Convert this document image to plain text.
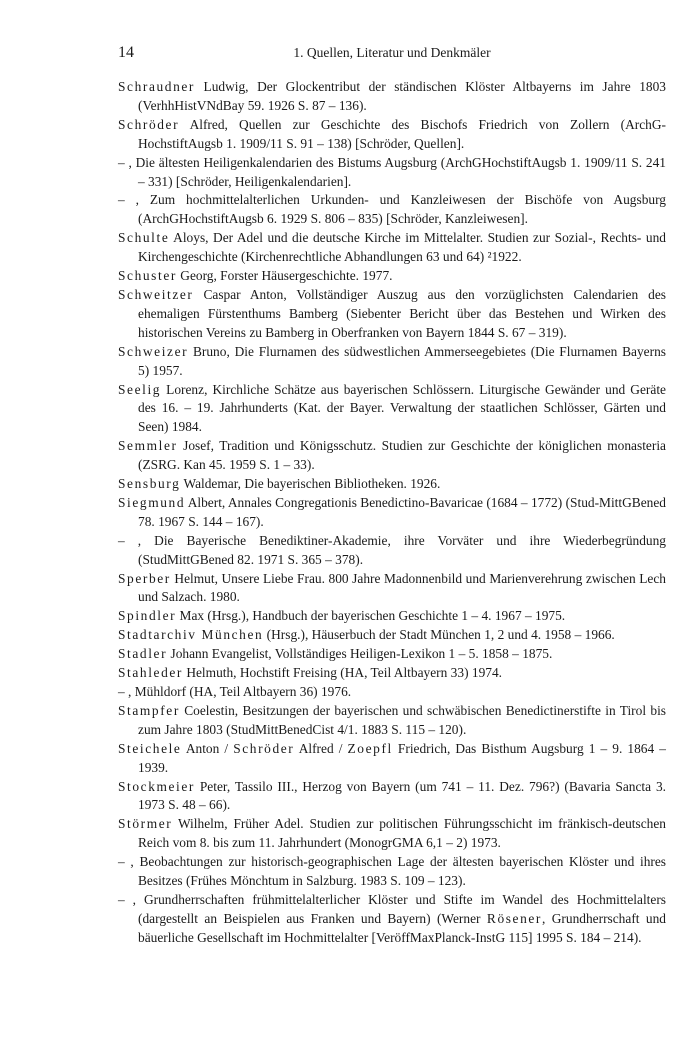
14	1. Quellen, Literatur und Denkmäler

Schraudner Ludwig, Der Glockentribut der ständischen Klöster Altbayerns im Jahre 1803 (VerhhHistVNdBay 59. 1926 S. 87 – 136).

Schröder Alfred, Quellen zur Geschichte des Bischofs Friedrich von Zollern (ArchG-HochstiftAugsb 1. 1909/11 S. 91 – 138) [Schröder, Quellen].

– , Die ältesten Heiligenkalendarien des Bistums Augsburg (ArchGHochstiftAugsb 1. 1909/11 S. 241 – 331) [Schröder, Heiligenkalendarien].

– , Zum hochmittelalterlichen Urkunden- und Kanzleiwesen der Bischöfe von Augsburg (ArchGHochstiftAugsb 6. 1929 S. 806 – 835) [Schröder, Kanzleiwesen].

Schulte Aloys, Der Adel und die deutsche Kirche im Mittelalter. Studien zur Sozial-, Rechts- und Kirchengeschichte (Kirchenrechtliche Abhandlungen 63 und 64) ²1922.

Schuster Georg, Forster Häusergeschichte. 1977.

Schweitzer Caspar Anton, Vollständiger Auszug aus den vorzüglichsten Calendarien des ehemaligen Fürstenthums Bamberg (Siebenter Bericht über das Bestehen und Wirken des historischen Vereins zu Bamberg in Oberfranken von Bayern 1844 S. 67 – 319).

Schweizer Bruno, Die Flurnamen des südwestlichen Ammerseegebietes (Die Flurnamen Bayerns 5) 1957.

Seelig Lorenz, Kirchliche Schätze aus bayerischen Schlössern. Liturgische Gewänder und Geräte des 16. – 19. Jahrhunderts (Kat. der Bayer. Verwaltung der staatlichen Schlösser, Gärten und Seen) 1984.

Semmler Josef, Tradition und Königsschutz. Studien zur Geschichte der königlichen monasteria (ZSRG. Kan 45. 1959 S. 1 – 33).

Sensburg Waldemar, Die bayerischen Bibliotheken. 1926.

Siegmund Albert, Annales Congregationis Benedictino-Bavaricae (1684 – 1772) (Stud-MittGBened 78. 1967 S. 144 – 167).

– , Die Bayerische Benediktiner-Akademie, ihre Vorväter und ihre Wiederbegründung (StudMittGBened 82. 1971 S. 365 – 378).

Sperber Helmut, Unsere Liebe Frau. 800 Jahre Madonnenbild und Marienverehrung zwischen Lech und Salzach. 1980.

Spindler Max (Hrsg.), Handbuch der bayerischen Geschichte 1 – 4. 1967 – 1975.

Stadtarchiv München (Hrsg.), Häuserbuch der Stadt München 1, 2 und 4. 1958 – 1966.

Stadler Johann Evangelist, Vollständiges Heiligen-Lexikon 1 – 5. 1858 – 1875.

Stahleder Helmuth, Hochstift Freising (HA, Teil Altbayern 33) 1974.

– , Mühldorf (HA, Teil Altbayern 36) 1976.

Stampfer Coelestin, Besitzungen der bayerischen und schwäbischen Benedictinerstifte in Tirol bis zum Jahre 1803 (StudMittBenedCist 4/1. 1883 S. 115 – 120).

Steichele Anton / Schröder Alfred / Zoepfl Friedrich, Das Bisthum Augsburg 1 – 9. 1864 – 1939.

Stockmeier Peter, Tassilo III., Herzog von Bayern (um 741 – 11. Dez. 796?) (Bavaria Sancta 3. 1973 S. 48 – 66).

Störmer Wilhelm, Früher Adel. Studien zur politischen Führungsschicht im fränkisch-deutschen Reich vom 8. bis zum 11. Jahrhundert (MonogrGMA 6,1 – 2) 1973.

– , Beobachtungen zur historisch-geographischen Lage der ältesten bayerischen Klöster und ihres Besitzes (Frühes Mönchtum in Salzburg. 1983 S. 109 – 123).

– , Grundherrschaften frühmittelalterlicher Klöster und Stifte im Wandel des Hochmittelalters (dargestellt an Beispielen aus Franken und Bayern) (Werner Rösener, Grundherrschaft und bäuerliche Gesellschaft im Hochmittelalter [VeröffMaxPlanck-InstG 115] 1995 S. 184 – 214).
